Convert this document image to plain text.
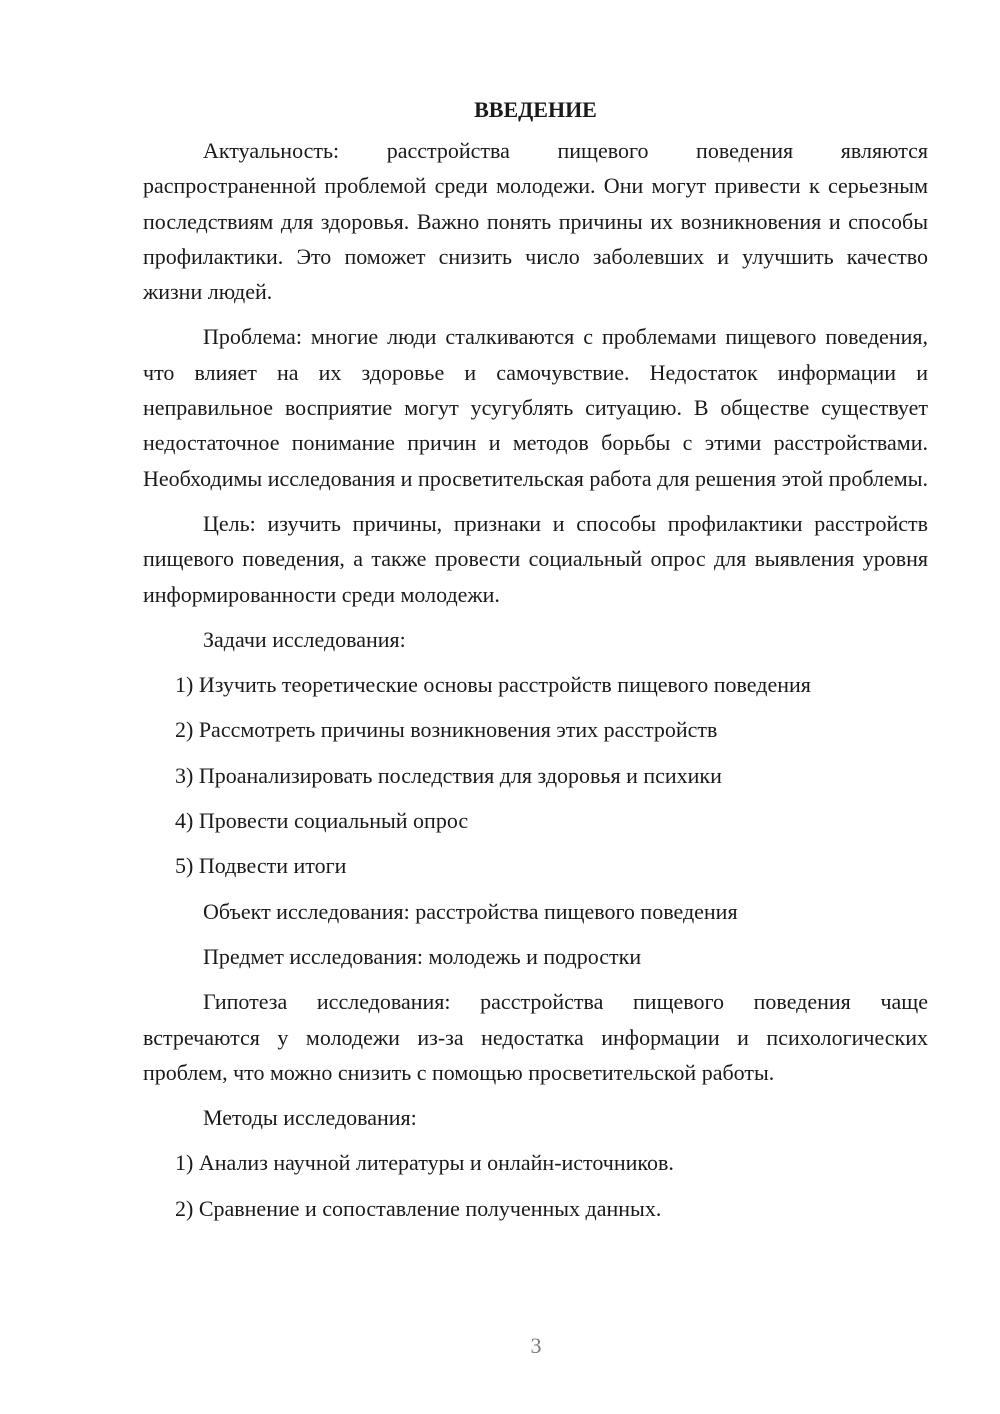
ВВЕДЕНИЕ

Актуальность: расстройства пищевого поведения являются распространенной проблемой среди молодежи. Они могут привести к серьезным последствиям для здоровья. Важно понять причины их возникновения и способы профилактики. Это поможет снизить число заболевших и улучшить качество жизни людей.

Проблема: многие люди сталкиваются с проблемами пищевого поведения, что влияет на их здоровье и самочувствие. Недостаток информации и неправильное восприятие могут усугублять ситуацию. В обществе существует недостаточное понимание причин и методов борьбы с этими расстройствами. Необходимы исследования и просветительская работа для решения этой проблемы.

Цель: изучить причины, признаки и способы профилактики расстройств пищевого поведения, а также провести социальный опрос для выявления уровня информированности среди молодежи.

Задачи исследования:
1) Изучить теоретические основы расстройств пищевого поведения
2) Рассмотреть причины возникновения этих расстройств
3) Проанализировать последствия для здоровья и психики
4) Провести социальный опрос
5) Подвести итоги
Объект исследования: расстройства пищевого поведения
Предмет исследования: молодежь и подростки

Гипотеза исследования: расстройства пищевого поведения чаще встречаются у молодежи из-за недостатка информации и психологических проблем, что можно снизить с помощью просветительской работы.

Методы исследования:
1) Анализ научной литературы и онлайн-источников.
2) Сравнение и сопоставление полученных данных.
3
